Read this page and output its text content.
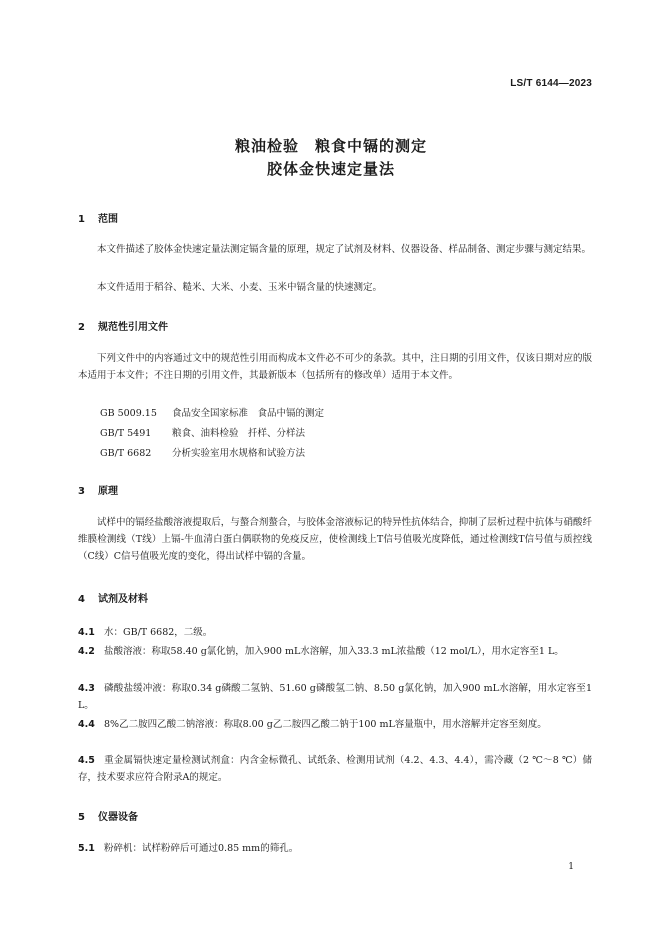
LS/T 6144—2023
粮油检验　粮食中镉的测定
胶体金快速定量法
1 范围
本文件描述了胶体金快速定量法测定镉含量的原理，规定了试剂及材料、仪器设备、样品制备、测定步骤与测定结果。
本文件适用于稻谷、糙米、大米、小麦、玉米中镉含量的快速测定。
2 规范性引用文件
下列文件中的内容通过文中的规范性引用而构成本文件必不可少的条款。其中，注日期的引用文件，仅该日期对应的版本适用于本文件；不注日期的引用文件，其最新版本（包括所有的修改单）适用于本文件。
GB 5009.15 食品安全国家标准　食品中镉的测定
GB/T 5491 粮食、油料检验　扦样、分样法
GB/T 6682 分析实验室用水规格和试验方法
3 原理
试样中的镉经盐酸溶液提取后，与螯合剂螯合，与胶体金溶液标记的特异性抗体结合，抑制了层析过程中抗体与硝酸纤维膜检测线（T线）上镉-牛血清白蛋白偶联物的免疫反应，使检测线上T信号值吸光度降低，通过检测线T信号值与质控线（C线）C信号值吸光度的变化，得出试样中镉的含量。
4 试剂及材料
4.1 水：GB/T 6682，二级。
4.2 盐酸溶液：称取58.40 g氯化钠，加入900 mL水溶解，加入33.3 mL浓盐酸（12 mol/L），用水定容至1 L。
4.3 磷酸盐缓冲液：称取0.34 g磷酸二氢钠、51.60 g磷酸氢二钠、8.50 g氯化钠，加入900 mL水溶解，用水定容至1 L。
4.4 8%乙二胺四乙酸二钠溶液：称取8.00 g乙二胺四乙酸二钠于100 mL容量瓶中，用水溶解并定容至刻度。
4.5 重金属镉快速定量检测试剂盒：内含金标微孔、试纸条、检测用试剂（4.2、4.3、4.4），需冷藏（2 ℃～8 ℃）储存，技术要求应符合附录A的规定。
5 仪器设备
5.1 粉碎机：试样粉碎后可通过0.85 mm的筛孔。
1
